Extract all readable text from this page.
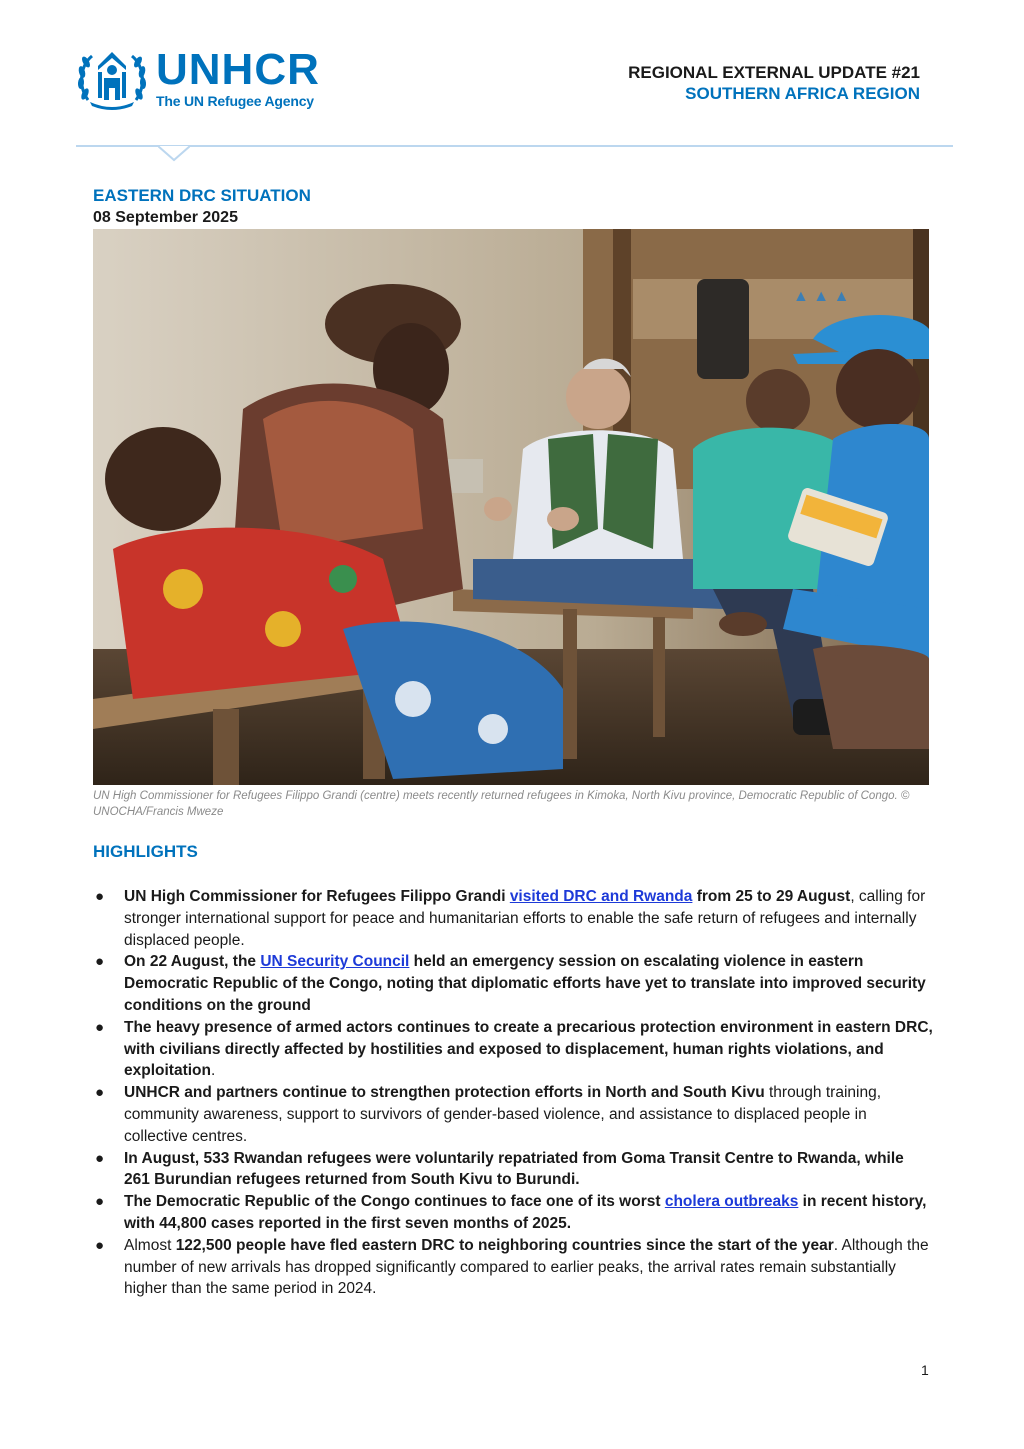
UNHCR
The UN Refugee Agency
REGIONAL EXTERNAL UPDATE #21
SOUTHERN AFRICA REGION
EASTERN DRC SITUATION
08 September 2025
▲ ▲ ▲
UN High Commissioner for Refugees Filippo Grandi (centre) meets recently returned refugees in Kimoka, North Kivu province, Democratic Republic of Congo. © UNOCHA/Francis Mweze
HIGHLIGHTS
● UN High Commissioner for Refugees Filippo Grandi visited DRC and Rwanda from 25 to 29 August, calling for stronger international support for peace and humanitarian efforts to enable the safe return of refugees and internally displaced people.
● On 22 August, the UN Security Council held an emergency session on escalating violence in eastern Democratic Republic of the Congo, noting that diplomatic efforts have yet to translate into improved security conditions on the ground
● The heavy presence of armed actors continues to create a precarious protection environment in eastern DRC, with civilians directly affected by hostilities and exposed to displacement, human rights violations, and exploitation.
● UNHCR and partners continue to strengthen protection efforts in North and South Kivu through training, community awareness, support to survivors of gender-based violence, and assistance to displaced people in collective centres.
● In August, 533 Rwandan refugees were voluntarily repatriated from Goma Transit Centre to Rwanda, while 261 Burundian refugees returned from South Kivu to Burundi.
● The Democratic Republic of the Congo continues to face one of its worst cholera outbreaks in recent history, with 44,800 cases reported in the first seven months of 2025.
● Almost 122,500 people have fled eastern DRC to neighboring countries since the start of the year. Although the number of new arrivals has dropped significantly compared to earlier peaks, the arrival rates remain substantially higher than the same period in 2024.
1
